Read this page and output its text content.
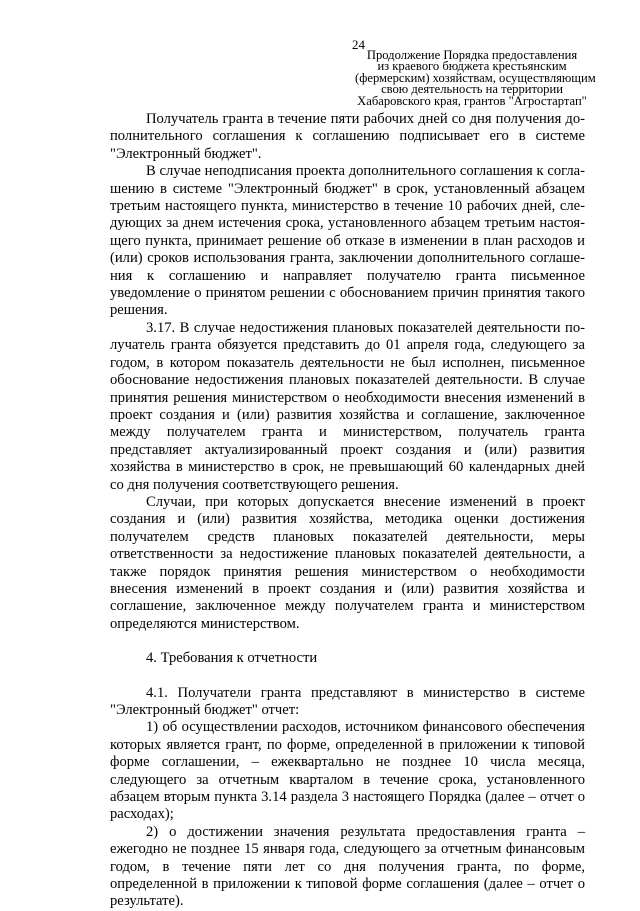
24
Продолжение Порядка предоставления
из краевого бюджета крестьянским
(фермерским) хозяйствам, осуществляющим
свою деятельность на территории
Хабаровского края, грантов "Агростартап"

Получатель гранта в течение пяти рабочих дней со дня получения дополнительного соглашения к соглашению подписывает его в системе "Электронный бюджет".

В случае неподписания проекта дополнительного соглашения к соглашению в системе "Электронный бюджет" в срок, установленный абзацем третьим настоящего пункта, министерство в течение 10 рабочих дней, следующих за днем истечения срока, установленного абзацем третьим настоящего пункта, принимает решение об отказе в изменении в план расходов и (или) сроков использования гранта, заключении дополнительного соглашения к соглашению и направляет получателю гранта письменное уведомление о принятом решении с обоснованием причин принятия такого решения.

3.17. В случае недостижения плановых показателей деятельности получатель гранта обязуется представить до 01 апреля года, следующего за годом, в котором показатель деятельности не был исполнен, письменное обоснование недостижения плановых показателей деятельности. В случае принятия решения министерством о необходимости внесения изменений в проект создания и (или) развития хозяйства и соглашение, заключенное между получателем гранта и министерством, получатель гранта представляет актуализированный проект создания и (или) развития хозяйства в министерство в срок, не превышающий 60 календарных дней со дня получения соответствующего решения.

Случаи, при которых допускается внесение изменений в проект создания и (или) развития хозяйства, методика оценки достижения получателем средств плановых показателей деятельности, меры ответственности за недостижение плановых показателей деятельности, а также порядок принятия решения министерством о необходимости внесения изменений в проект создания и (или) развития хозяйства и соглашение, заключенное между получателем гранта и министерством определяются министерством.

4. Требования к отчетности

4.1. Получатели гранта представляют в министерство в системе "Электронный бюджет" отчет:

1) об осуществлении расходов, источником финансового обеспечения которых является грант, по форме, определенной в приложении к типовой форме соглашении, – ежеквартально не позднее 10 числа месяца, следующего за отчетным кварталом в течение срока, установленного абзацем вторым пункта 3.14 раздела 3 настоящего Порядка (далее – отчет о расходах);

2) о достижении значения результата предоставления гранта – ежегодно не позднее 15 января года, следующего за отчетным финансовым годом, в течение пяти лет со дня получения гранта, по форме, определенной в приложении к типовой форме соглашения (далее – отчет о результате).
